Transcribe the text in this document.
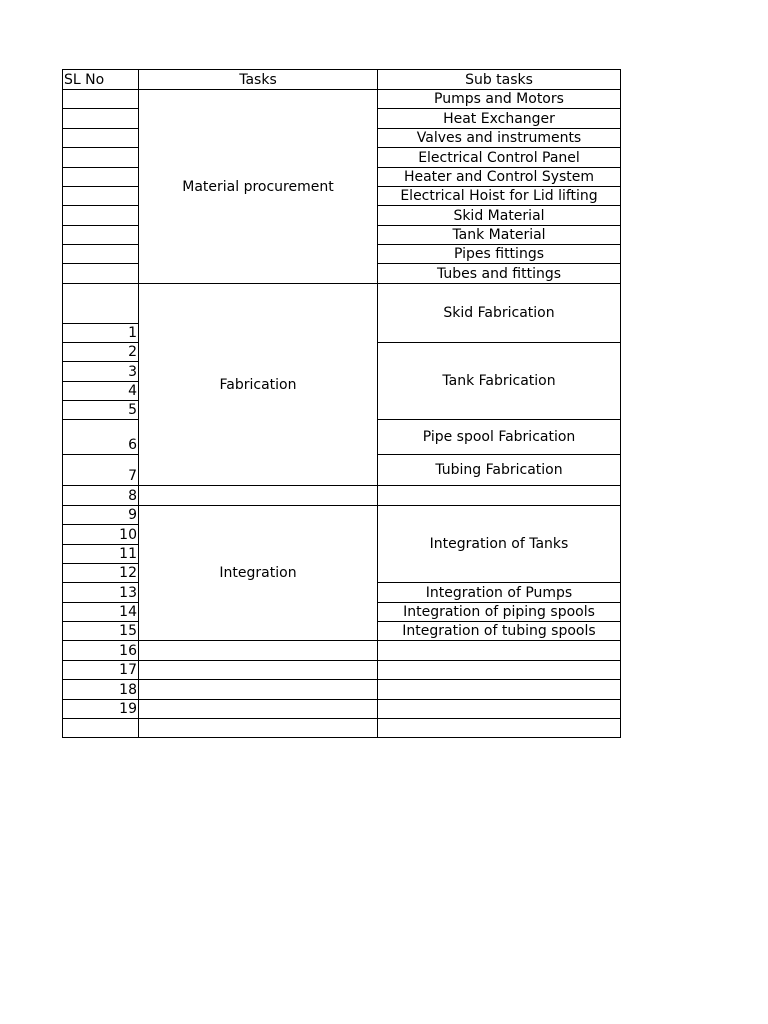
SL No	Tasks	Sub tasks
1
2
3
4
5
6
7
8
9
10
11
12
13
14
15
16
17
18
19
Material procurement
Fabrication
Integration
Pumps and Motors
Heat Exchanger
Valves and instruments
Electrical Control Panel
Heater and Control System
Electrical Hoist for Lid lifting
Skid Material
Tank Material
Pipes fittings
Tubes and fittings
Skid Fabrication
Tank Fabrication
Pipe spool Fabrication
Tubing Fabrication
Integration of Tanks
Integration of Pumps
Integration of piping spools
Integration of tubing spools
